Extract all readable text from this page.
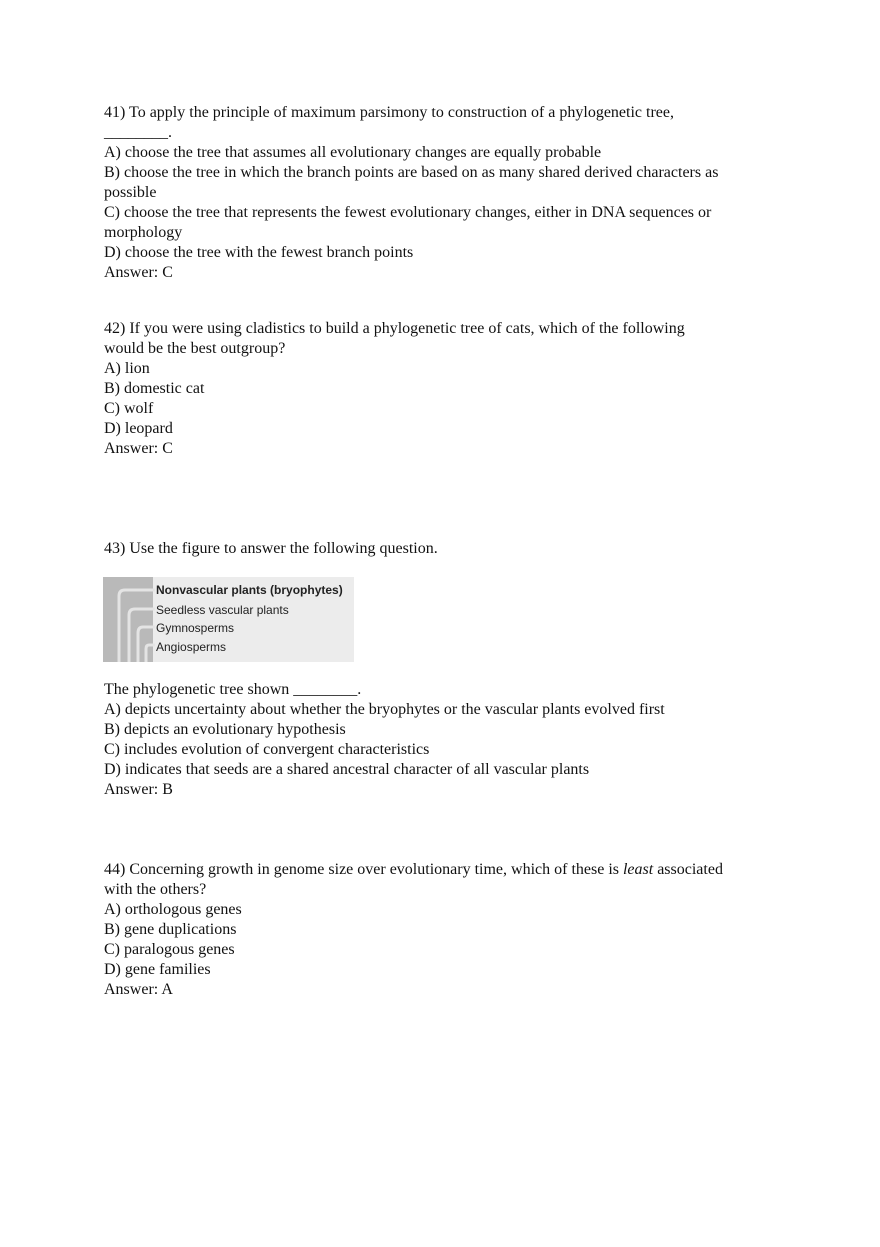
41) To apply the principle of maximum parsimony to construction of a phylogenetic tree,
________.
A) choose the tree that assumes all evolutionary changes are equally probable
B) choose the tree in which the branch points are based on as many shared derived characters as
possible
C) choose the tree that represents the fewest evolutionary changes, either in DNA sequences or
morphology
D) choose the tree with the fewest branch points
Answer: C
42) If you were using cladistics to build a phylogenetic tree of cats, which of the following
would be the best outgroup?
A) lion
B) domestic cat
C) wolf
D) leopard
Answer: C
43) Use the figure to answer the following question.
Nonvascular plants (bryophytes)
Seedless vascular plants
Gymnosperms
Angiosperms
The phylogenetic tree shown ________.
A) depicts uncertainty about whether the bryophytes or the vascular plants evolved first
B) depicts an evolutionary hypothesis
C) includes evolution of convergent characteristics
D) indicates that seeds are a shared ancestral character of all vascular plants
Answer: B
44) Concerning growth in genome size over evolutionary time, which of these is least associated
with the others?
A) orthologous genes
B) gene duplications
C) paralogous genes
D) gene families
Answer: A
